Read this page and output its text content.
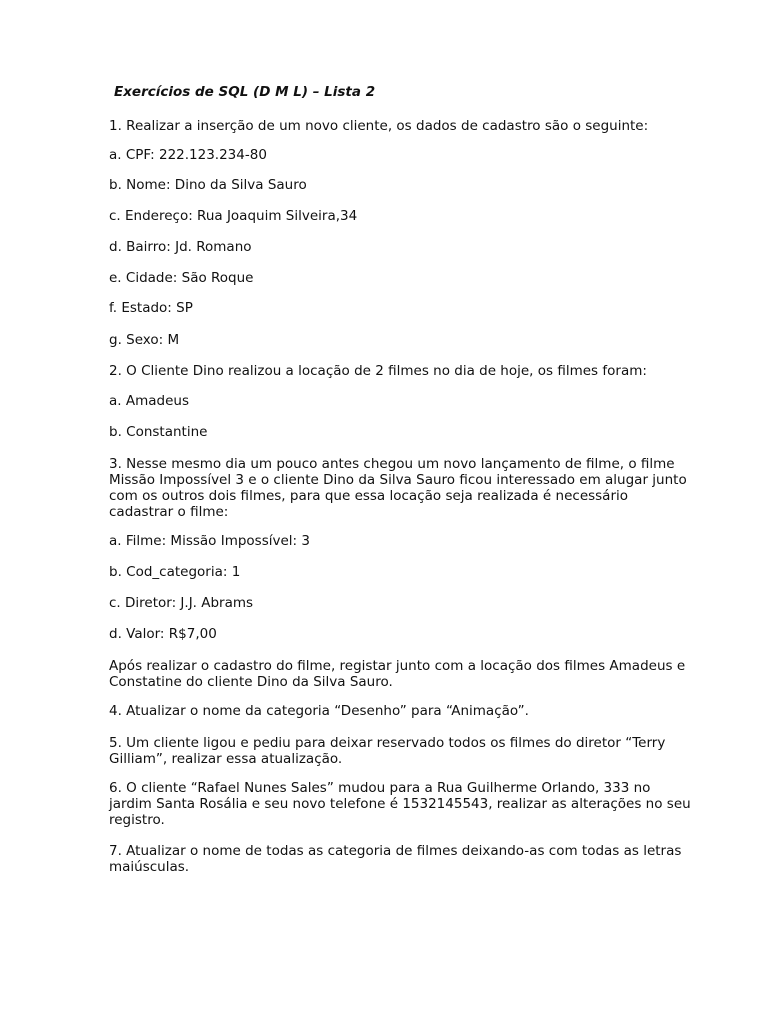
Exercícios de SQL (D M L) – Lista 2
1. Realizar a inserção de um novo cliente, os dados de cadastro são o seguinte:
a. CPF: 222.123.234-80
b. Nome: Dino da Silva Sauro
c. Endereço: Rua Joaquim Silveira,34
d. Bairro: Jd. Romano
e. Cidade: São Roque
f. Estado: SP
g. Sexo: M
2. O Cliente Dino realizou a locação de 2 filmes no dia de hoje, os filmes foram:
a. Amadeus
b. Constantine
3. Nesse mesmo dia um pouco antes chegou um novo lançamento de filme, o filme
Missão Impossível 3 e o cliente Dino da Silva Sauro ficou interessado em alugar junto
com os outros dois filmes, para que essa locação seja realizada é necessário
cadastrar o filme:
a. Filme: Missão Impossível: 3
b. Cod_categoria: 1
c. Diretor: J.J. Abrams
d. Valor: R$7,00
Após realizar o cadastro do filme, registar junto com a locação dos filmes Amadeus e
Constatine do cliente Dino da Silva Sauro.
4. Atualizar o nome da categoria “Desenho” para “Animação”.
5. Um cliente ligou e pediu para deixar reservado todos os filmes do diretor “Terry
Gilliam”, realizar essa atualização.
6. O cliente “Rafael Nunes Sales” mudou para a Rua Guilherme Orlando, 333 no
jardim Santa Rosália e seu novo telefone é 1532145543, realizar as alterações no seu
registro.
7. Atualizar o nome de todas as categoria de filmes deixando-as com todas as letras
maiúsculas.
